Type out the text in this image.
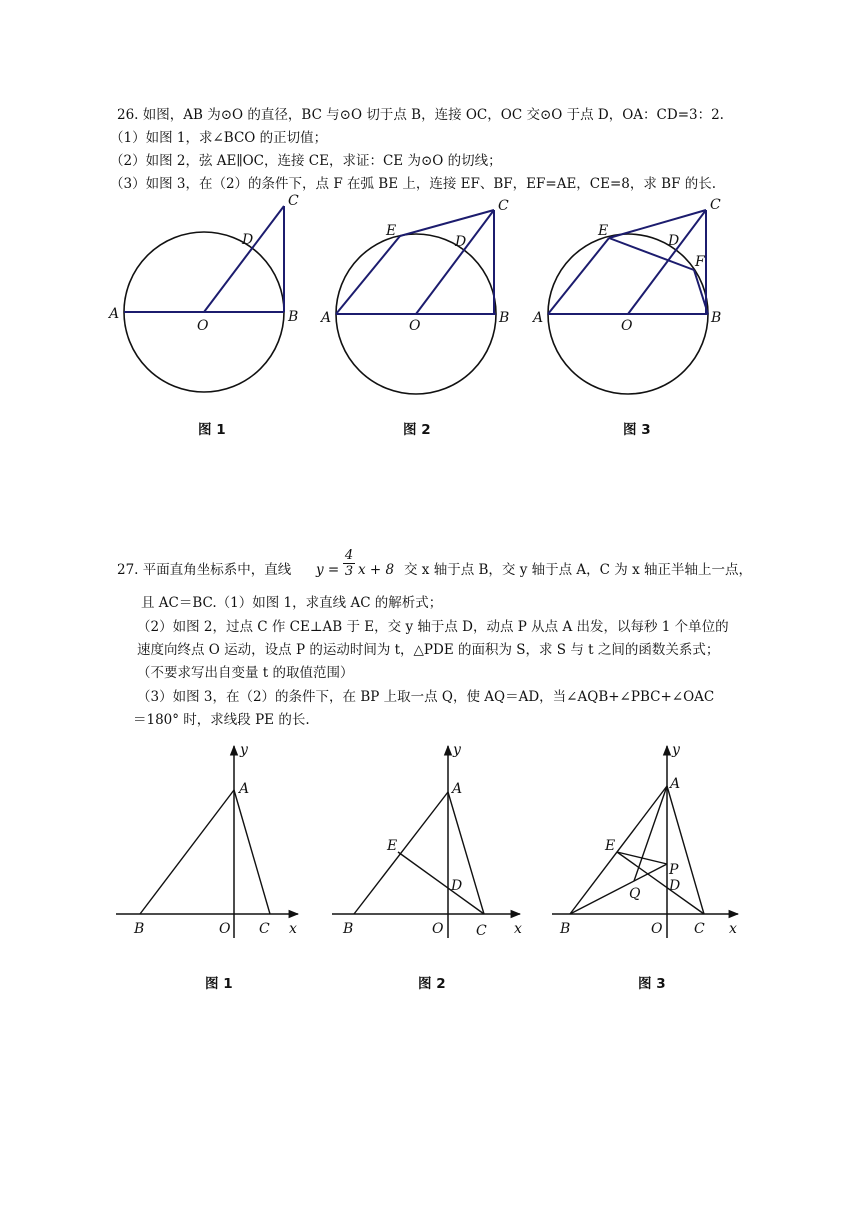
26. 如图，AB 为⊙O 的直径，BC 与⊙O 切于点 B，连接 OC，OC 交⊙O 于点 D，OA：CD=3：2.
（1）如图 1，求∠BCO 的正切值；
（2）如图 2，弦 AE∥OC，连接 CE，求证：CE 为⊙O 的切线；
（3）如图 3，在（2）的条件下，点 F 在弧 BE 上，连接 EF、BF，EF=AE，CE=8，求 BF 的长.
A
O
B
C
D
A	O	B
C
E
D
A	O	B
C
E
D
F
图 1	图 2	图 3
27. 平面直角坐标系中，直线 y =
4
3 x + 8 交 x 轴于点 B，交 y 轴于点 A，C 为 x 轴正半轴上一点，
且 AC＝BC.（1）如图 1，求直线 AC 的解析式；
（2）如图 2，过点 C 作 CE⊥AB 于 E，交 y 轴于点 D，动点 P 从点 A 出发，以每秒 1 个单位的
速度向终点 O 运动，设点 P 的运动时间为 t，△PDE 的面积为 S，求 S 与 t 之间的函数关系式；
（不要求写出自变量 t 的取值范围）
（3）如图 3，在（2）的条件下，在 BP 上取一点 Q，使 AQ＝AD，当∠AQB+∠PBC+∠OAC
＝180° 时，求线段 PE 的长.
A
B	O C x
y
A
E
D
B	O C x
y
A
E
P
D
Q
B	O C x
y
图 1	图 2	图 3
